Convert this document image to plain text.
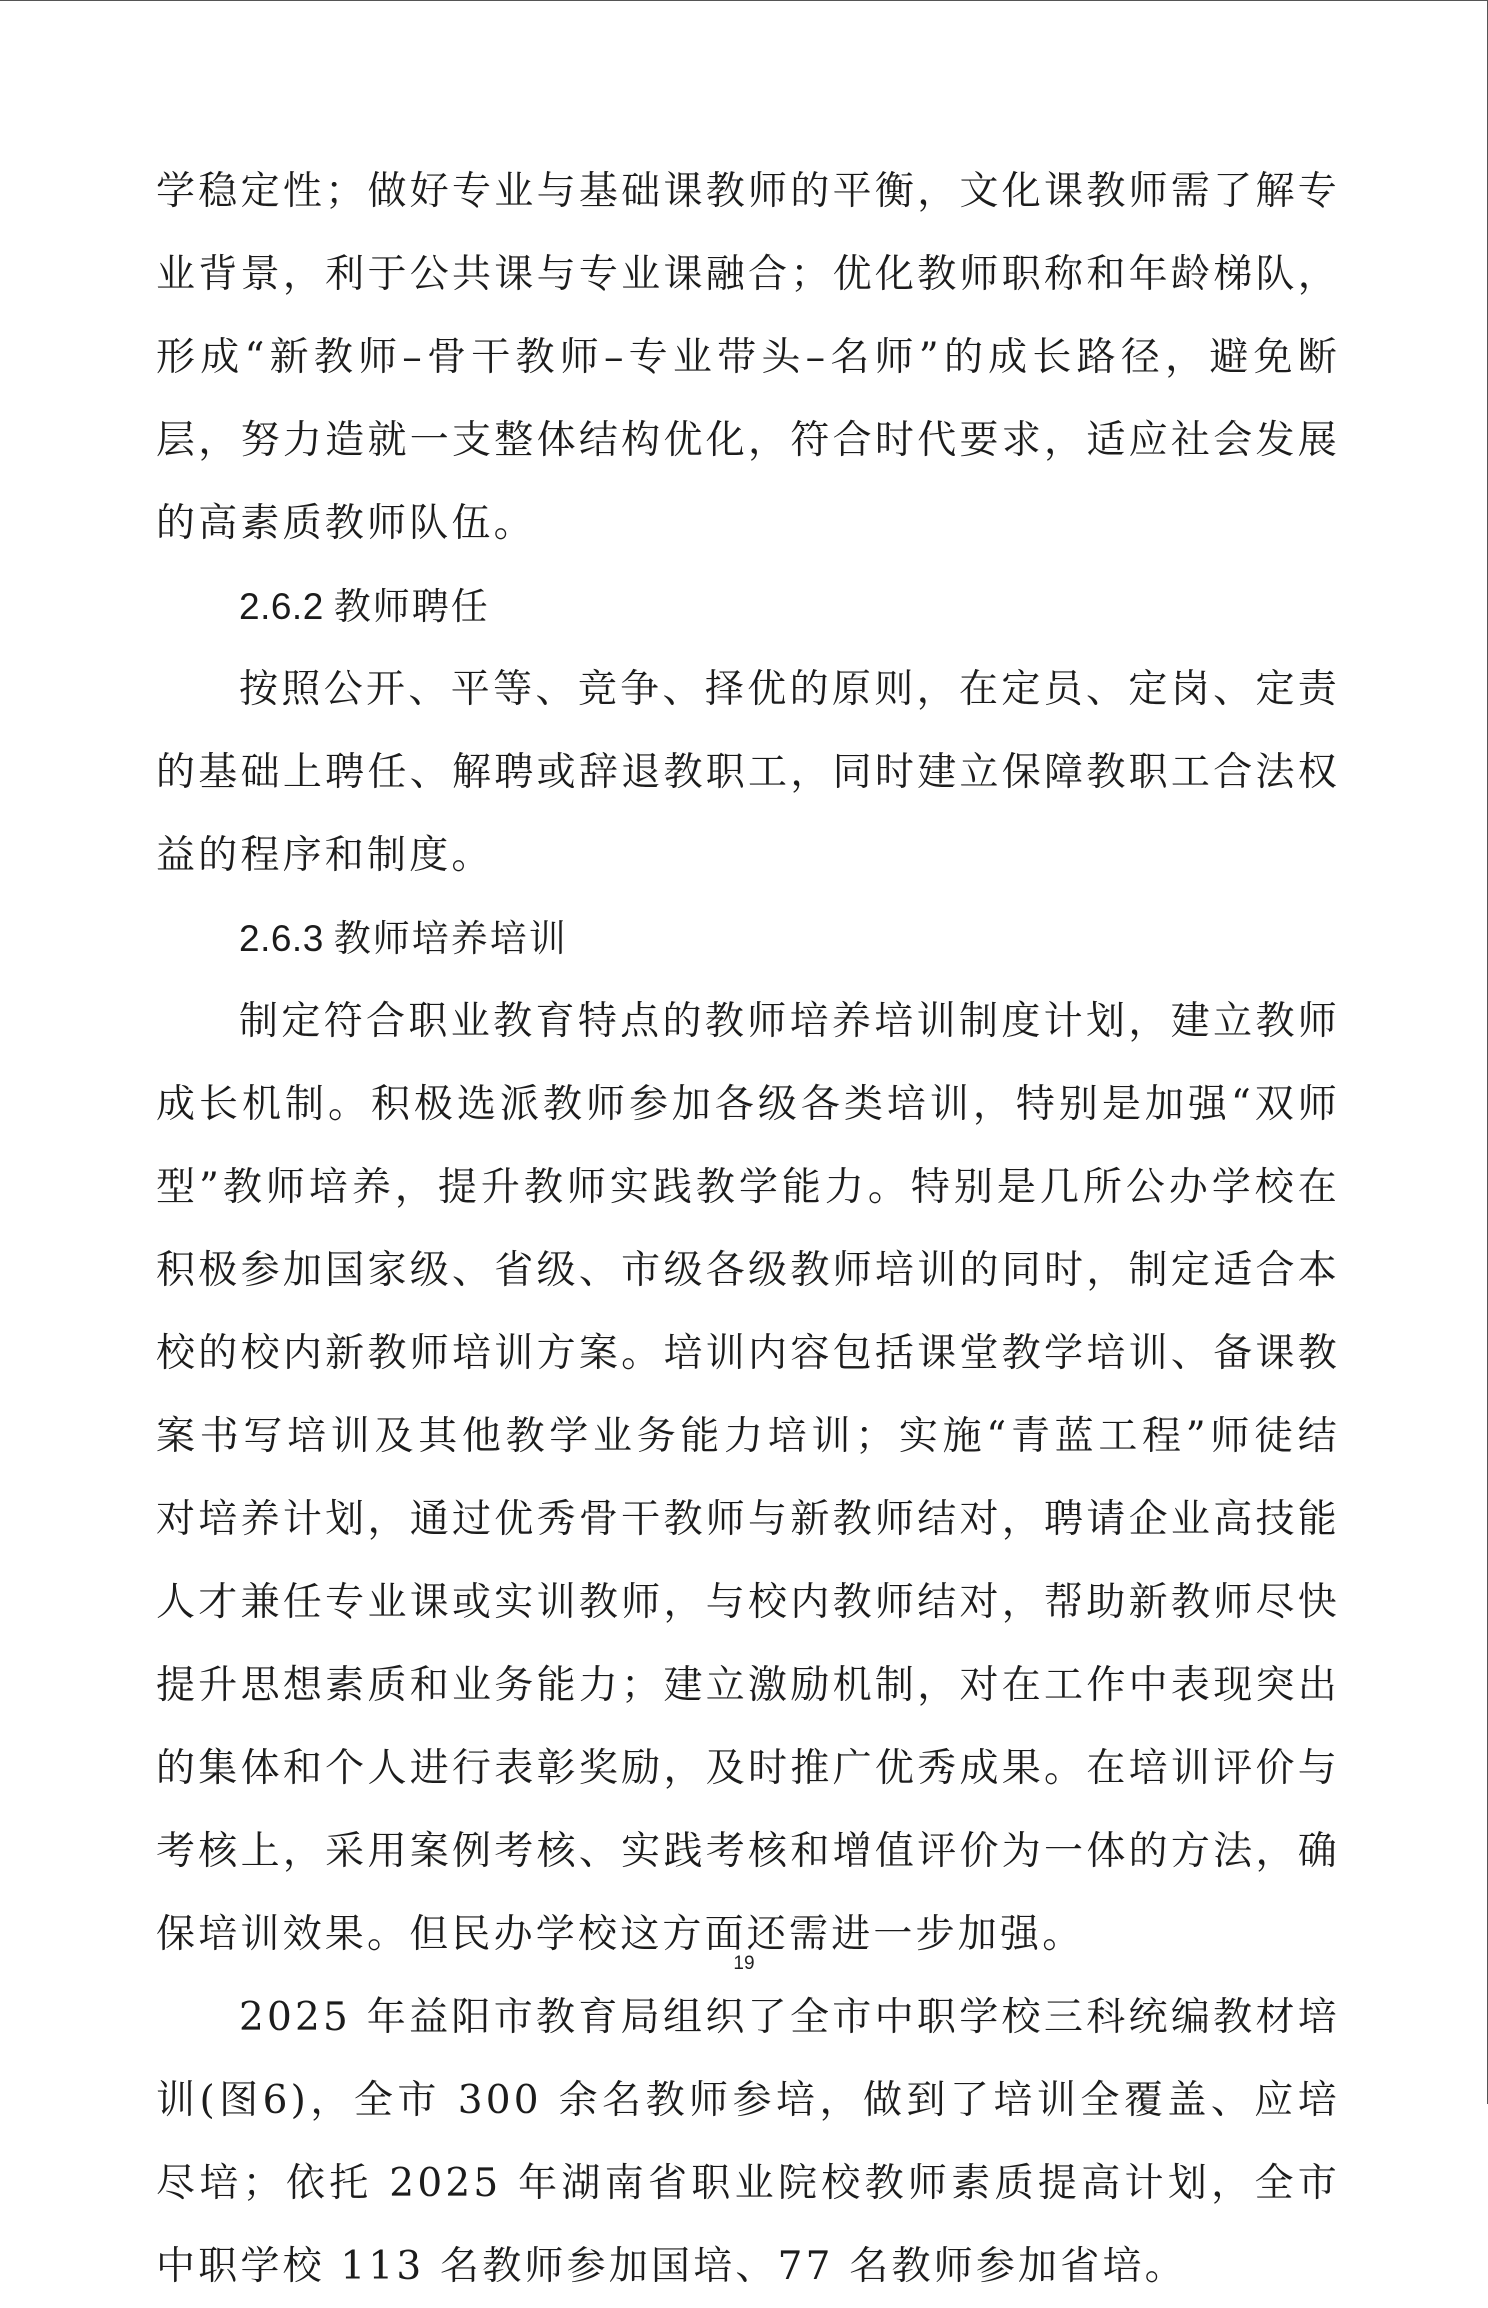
学稳定性；做好专业与基础课教师的平衡，文化课教师需了解专业背景，利于公共课与专业课融合；优化教师职称和年龄梯队，形成“新教师–骨干教师–专业带头–名师”的成长路径，避免断层，努力造就一支整体结构优化，符合时代要求，适应社会发展的高素质教师队伍。

2.6.2 教师聘任

按照公开、平等、竞争、择优的原则，在定员、定岗、定责的基础上聘任、解聘或辞退教职工，同时建立保障教职工合法权益的程序和制度。

2.6.3 教师培养培训

制定符合职业教育特点的教师培养培训制度计划，建立教师成长机制。积极选派教师参加各级各类培训，特别是加强“双师型”教师培养，提升教师实践教学能力。特别是几所公办学校在积极参加国家级、省级、市级各级教师培训的同时，制定适合本校的校内新教师培训方案。培训内容包括课堂教学培训、备课教案书写培训及其他教学业务能力培训；实施“青蓝工程”师徒结对培养计划，通过优秀骨干教师与新教师结对，聘请企业高技能人才兼任专业课或实训教师，与校内教师结对，帮助新教师尽快提升思想素质和业务能力；建立激励机制，对在工作中表现突出的集体和个人进行表彰奖励，及时推广优秀成果。在培训评价与考核上，采用案例考核、实践考核和增值评价为一体的方法，确保培训效果。但民办学校这方面还需进一步加强。

2025 年益阳市教育局组织了全市中职学校三科统编教材培训(图6)，全市 300 余名教师参培，做到了培训全覆盖、应培尽培；依托 2025 年湖南省职业院校教师素质提高计划，全市中职学校 113 名教师参加国培、77 名教师参加省培。

19
